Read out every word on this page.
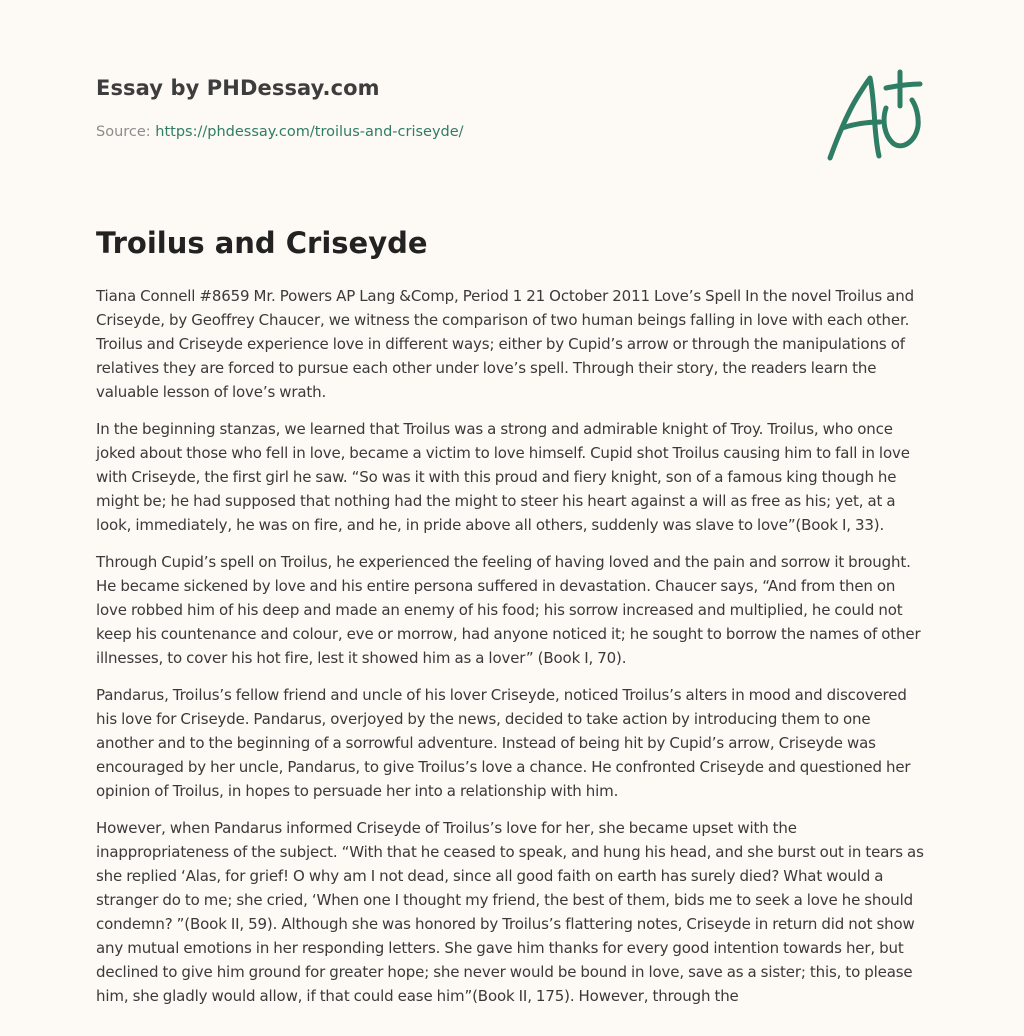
Essay by PHDessay.com
Source: https://phdessay.com/troilus-and-criseyde/
Troilus and Criseyde

Tiana Connell #8659 Mr. Powers AP Lang &Comp, Period 1 21 October 2011 Love’s Spell In the novel Troilus and Criseyde, by Geoffrey Chaucer, we witness the comparison of two human beings falling in love with each other. Troilus and Criseyde experience love in different ways; either by Cupid’s arrow or through the manipulations of relatives they are forced to pursue each other under love’s spell. Through their story, the readers learn the valuable lesson of love’s wrath.

In the beginning stanzas, we learned that Troilus was a strong and admirable knight of Troy. Troilus, who once joked about those who fell in love, became a victim to love himself. Cupid shot Troilus causing him to fall in love with Criseyde, the first girl he saw. “So was it with this proud and fiery knight, son of a famous king though he might be; he had supposed that nothing had the might to steer his heart against a will as free as his; yet, at a look, immediately, he was on fire, and he, in pride above all others, suddenly was slave to love”(Book I, 33).

Through Cupid’s spell on Troilus, he experienced the feeling of having loved and the pain and sorrow it brought. He became sickened by love and his entire persona suffered in devastation. Chaucer says, “And from then on love robbed him of his deep and made an enemy of his food; his sorrow increased and multiplied, he could not keep his countenance and colour, eve or morrow, had anyone noticed it; he sought to borrow the names of other illnesses, to cover his hot fire, lest it showed him as a lover” (Book I, 70).

Pandarus, Troilus’s fellow friend and uncle of his lover Criseyde, noticed Troilus’s alters in mood and discovered his love for Criseyde. Pandarus, overjoyed by the news, decided to take action by introducing them to one another and to the beginning of a sorrowful adventure. Instead of being hit by Cupid’s arrow, Criseyde was encouraged by her uncle, Pandarus, to give Troilus’s love a chance. He confronted Criseyde and questioned her opinion of Troilus, in hopes to persuade her into a relationship with him.

However, when Pandarus informed Criseyde of Troilus’s love for her, she became upset with the inappropriateness of the subject. “With that he ceased to speak, and hung his head, and she burst out in tears as she replied ‘Alas, for grief! O why am I not dead, since all good faith on earth has surely died? What would a stranger do to me; she cried, ‘When one I thought my friend, the best of them, bids me to seek a love he should condemn? ”(Book II, 59). Although she was honored by Troilus’s flattering notes, Criseyde in return did not show any mutual emotions in her responding letters. She gave him thanks for every good intention towards her, but declined to give him ground for greater hope; she never would be bound in love, save as a sister; this, to please him, she gladly would allow, if that could ease him”(Book II, 175). However, through the
